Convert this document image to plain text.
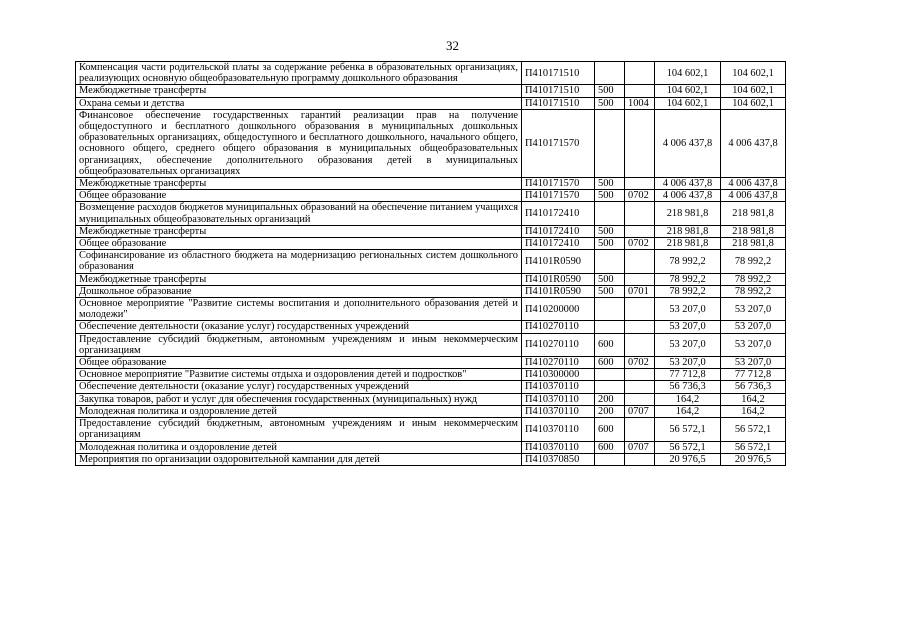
32
Компенсация части родительской платы за содержание ребенка в образовательных организациях, реализующих основную общеобразовательную программу дошкольного образования	П410171510			104 602,1	104 602,1
Межбюджетные трансферты	П410171510	500		104 602,1	104 602,1
Охрана семьи и детства	П410171510	500	1004	104 602,1	104 602,1
Финансовое обеспечение государственных гарантий реализации прав на получение общедоступного и бесплатного дошкольного образования в муниципальных дошкольных образовательных организациях, общедоступного и бесплатного дошкольного, начального общего, основного общего, среднего общего образования в муниципальных общеобразовательных организациях, обеспечение дополнительного образования детей в муниципальных общеобразовательных организациях	П410171570			4 006 437,8	4 006 437,8
Межбюджетные трансферты	П410171570	500		4 006 437,8	4 006 437,8
Общее образование	П410171570	500	0702	4 006 437,8	4 006 437,8
Возмещение расходов бюджетов муниципальных образований на обеспечение питанием учащихся муниципальных общеобразовательных организаций	П410172410			218 981,8	218 981,8
Межбюджетные трансферты	П410172410	500		218 981,8	218 981,8
Общее образование	П410172410	500	0702	218 981,8	218 981,8
Софинансирование из областного бюджета на модернизацию региональных систем дошкольного образования	П4101R0590			78 992,2	78 992,2
Межбюджетные трансферты	П4101R0590	500		78 992,2	78 992,2
Дошкольное образование	П4101R0590	500	0701	78 992,2	78 992,2
Основное мероприятие "Развитие системы воспитания и дополнительного образования детей и молодежи"	П410200000			53 207,0	53 207,0
Обеспечение деятельности (оказание услуг) государственных учреждений	П410270110			53 207,0	53 207,0
Предоставление субсидий бюджетным, автономным учреждениям и иным некоммерческим организациям	П410270110	600		53 207,0	53 207,0
Общее образование	П410270110	600	0702	53 207,0	53 207,0
Основное мероприятие "Развитие системы отдыха и оздоровления детей и подростков"	П410300000			77 712,8	77 712,8
Обеспечение деятельности (оказание услуг) государственных учреждений	П410370110			56 736,3	56 736,3
Закупка товаров, работ и услуг для обеспечения государственных (муниципальных) нужд	П410370110	200		164,2	164,2
Молодежная политика и оздоровление детей	П410370110	200	0707	164,2	164,2
Предоставление субсидий бюджетным, автономным учреждениям и иным некоммерческим организациям	П410370110	600		56 572,1	56 572,1
Молодежная политика и оздоровление детей	П410370110	600	0707	56 572,1	56 572,1
Мероприятия по организации оздоровительной кампании для детей	П410370850			20 976,5	20 976,5
